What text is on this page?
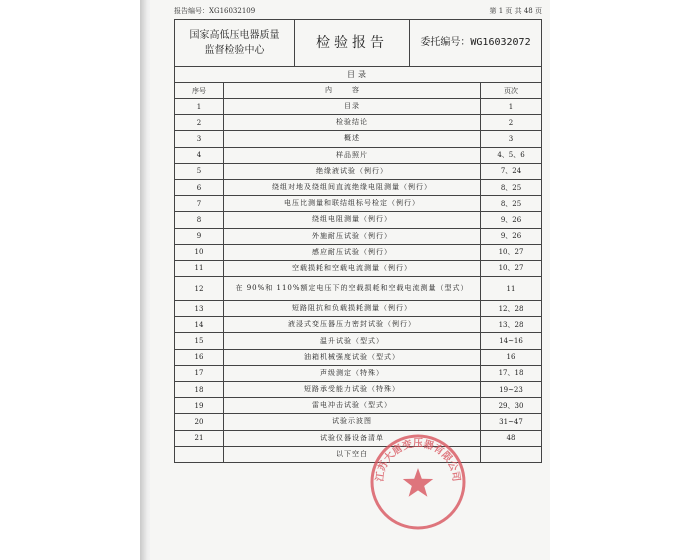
报告编号：XG16032109	第 1 页 共 48 页
国家高低压电器质量
监督检验中心	检验报告	委托编号：WG16032072
目录
序号	内容	页次
1	目录	1
2	检验结论	2
3	概述	3
4	样品照片	4、5、6
5	绝缘液试验（例行）	7、24
6	绕组对地及绕组间直流绝缘电阻测量（例行）	8、25
7	电压比测量和联结组标号检定（例行）	8、25
8	绕组电阻测量（例行）	9、26
9	外施耐压试验（例行）	9、26
10	感应耐压试验（例行）	10、27
11	空载损耗和空载电流测量（例行）	10、27
12	在 90%和 110%额定电压下的空载损耗和空载电流测量（型式）	11
13	短路阻抗和负载损耗测量（例行）	12、28
14	液浸式变压器压力密封试验（例行）	13、28
15	温升试验（型式）	14~16
16	油箱机械强度试验（型式）	16
17	声级测定（特殊）	17、18
18	短路承受能力试验（特殊）	19~23
19	雷电冲击试验（型式）	29、30
20	试验示波图	31~47
21	试验仪器设备清单	48
以下空白
江苏大唐变压器有限公司
